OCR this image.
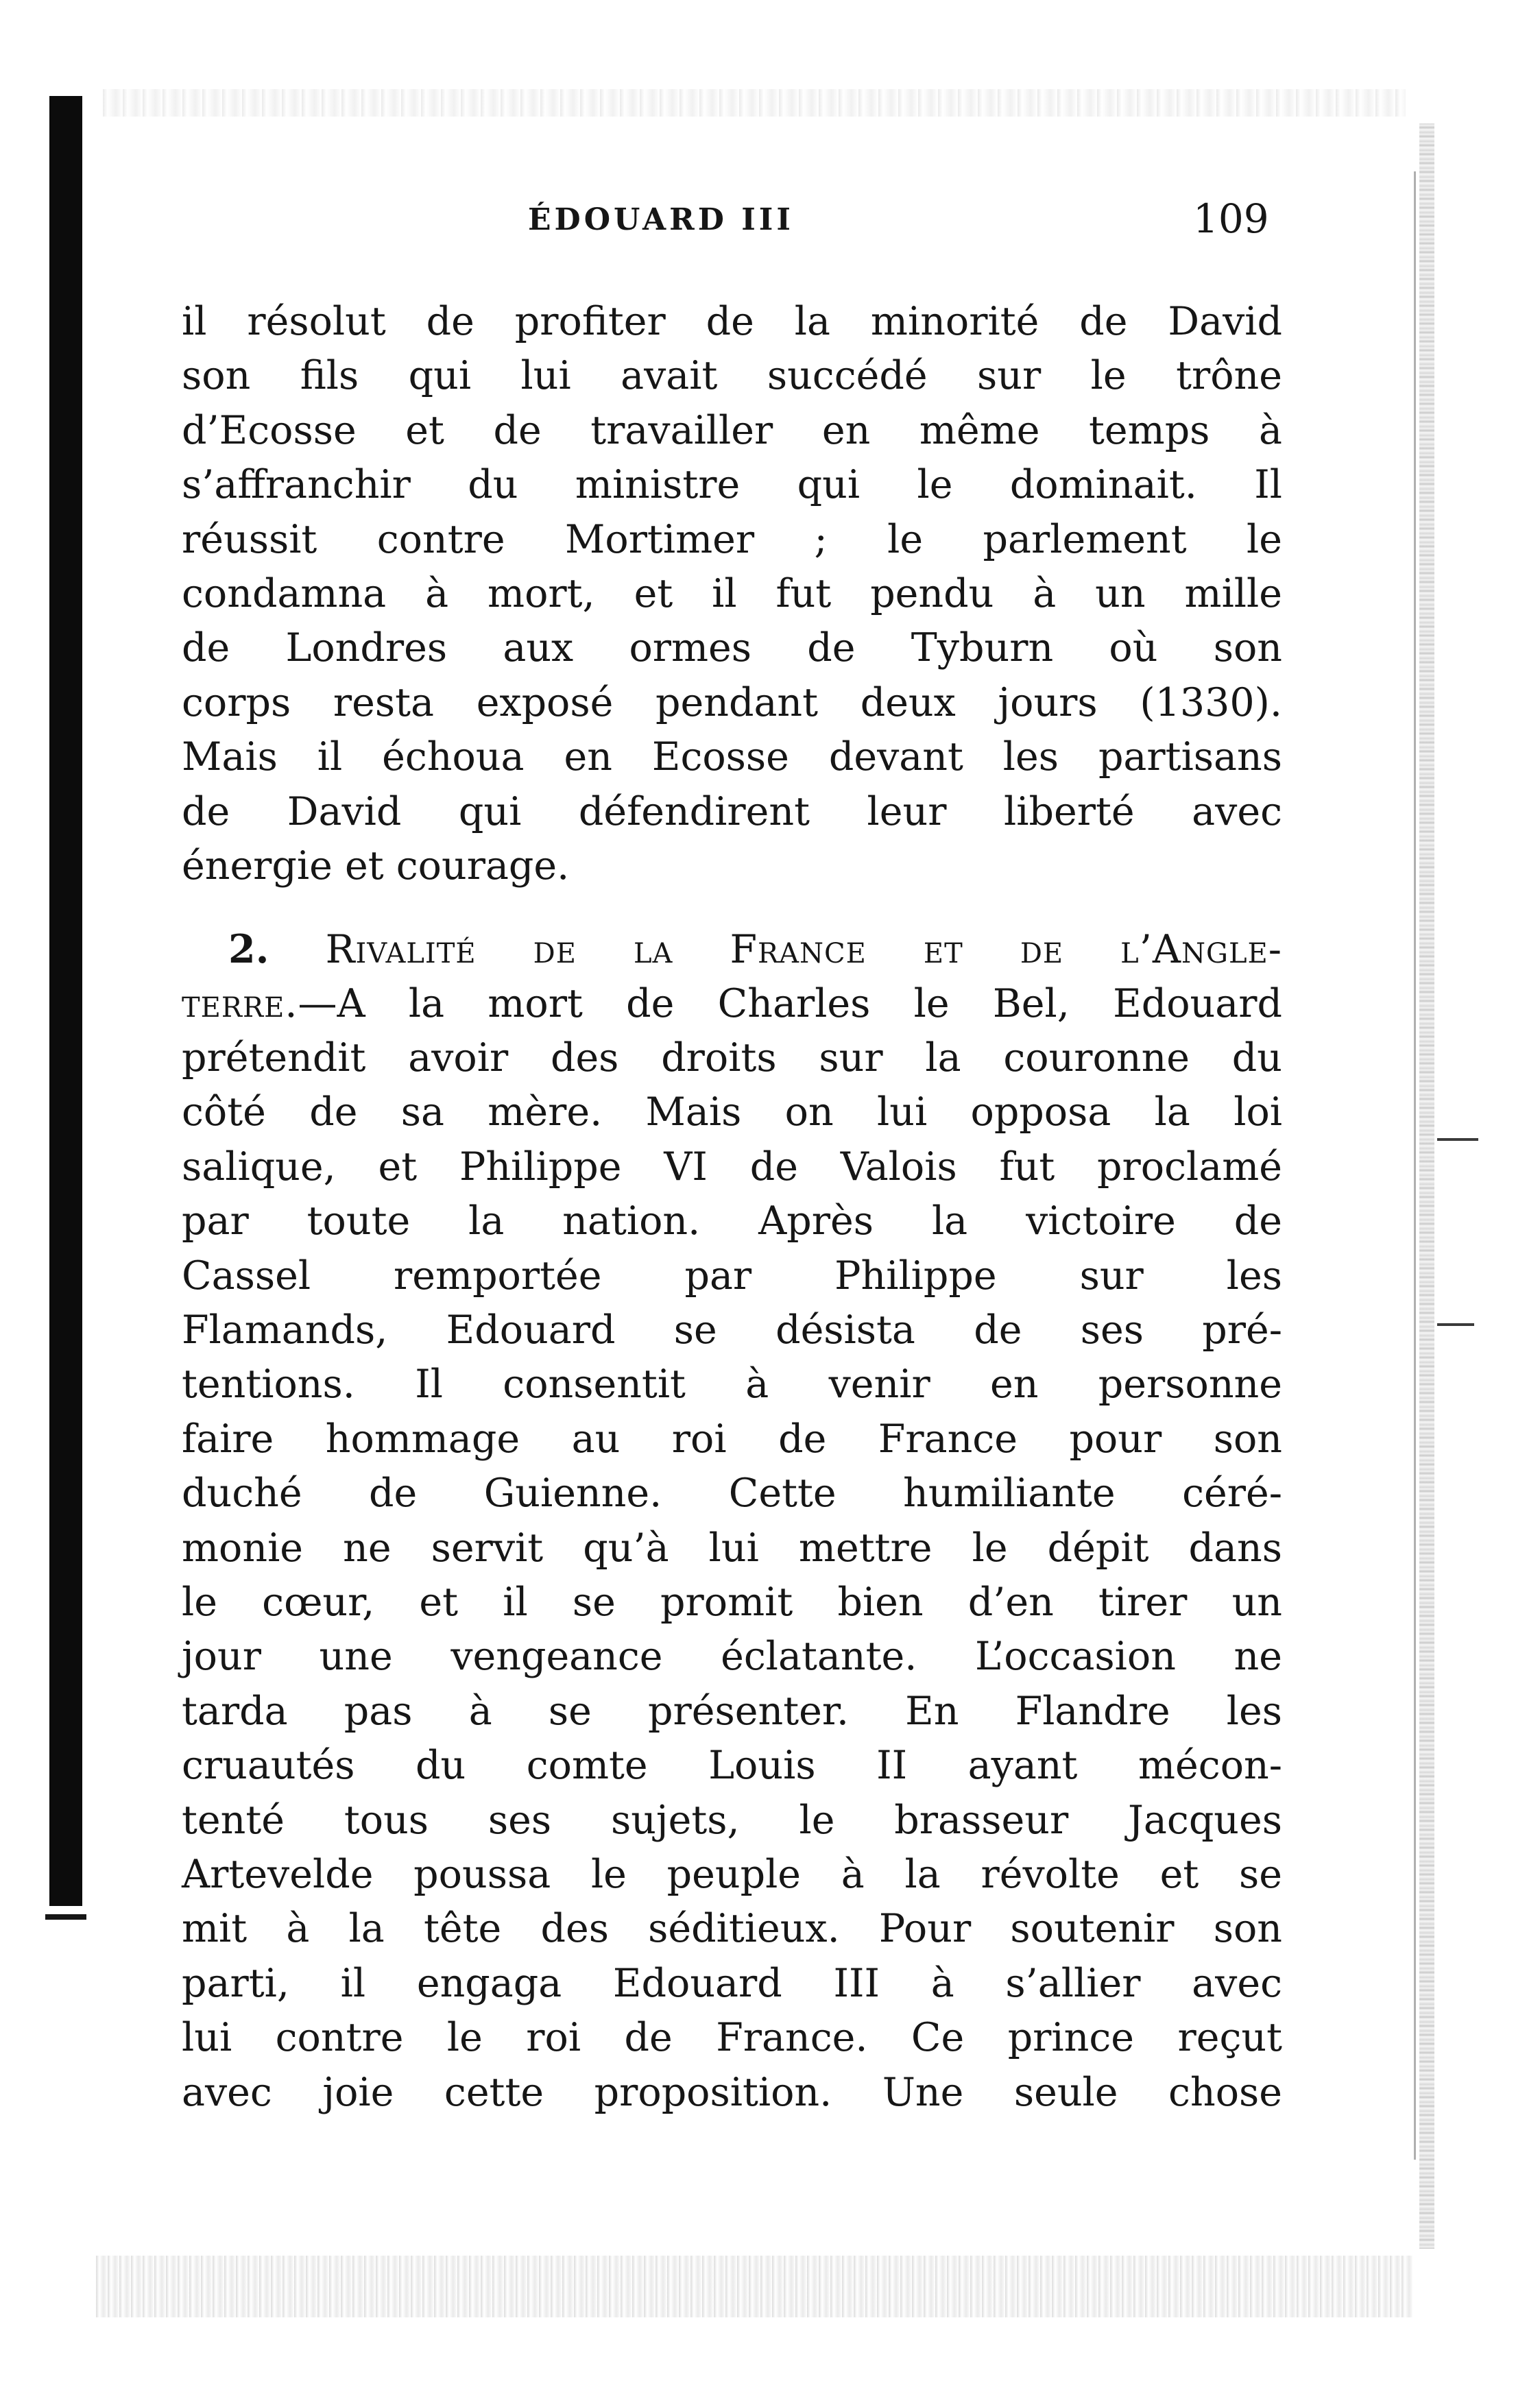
ÉDOUARD III	109
il résolut de profiter de la minorité de David
son fils qui lui avait succédé sur le trône
d’Ecosse et de travailler en même temps à
s’affranchir du ministre qui le dominait. Il
réussit contre Mortimer ; le parlement le
condamna à mort, et il fut pendu à un mille
de Londres aux ormes de Tyburn où son
corps resta exposé pendant deux jours (1330).
Mais il échoua en Ecosse devant les partisans
de David qui défendirent leur liberté avec
énergie et courage.
2. Rivalité de la France et de l’Angle-
terre.—A la mort de Charles le Bel, Edouard
prétendit avoir des droits sur la couronne du
côté de sa mère. Mais on lui opposa la loi
salique, et Philippe VI de Valois fut proclamé
par toute la nation. Après la victoire de
Cassel remportée par Philippe sur les
Flamands, Edouard se désista de ses pré-
tentions. Il consentit à venir en personne
faire hommage au roi de France pour son
duché de Guienne. Cette humiliante céré-
monie ne servit qu’à lui mettre le dépit dans
le cœur, et il se promit bien d’en tirer un
jour une vengeance éclatante. L’occasion ne
tarda pas à se présenter. En Flandre les
cruautés du comte Louis II ayant mécon-
tenté tous ses sujets, le brasseur Jacques
Artevelde poussa le peuple à la révolte et se
mit à la tête des séditieux. Pour soutenir son
parti, il engaga Edouard III à s’allier avec
lui contre le roi de France. Ce prince reçut
avec joie cette proposition. Une seule chose
